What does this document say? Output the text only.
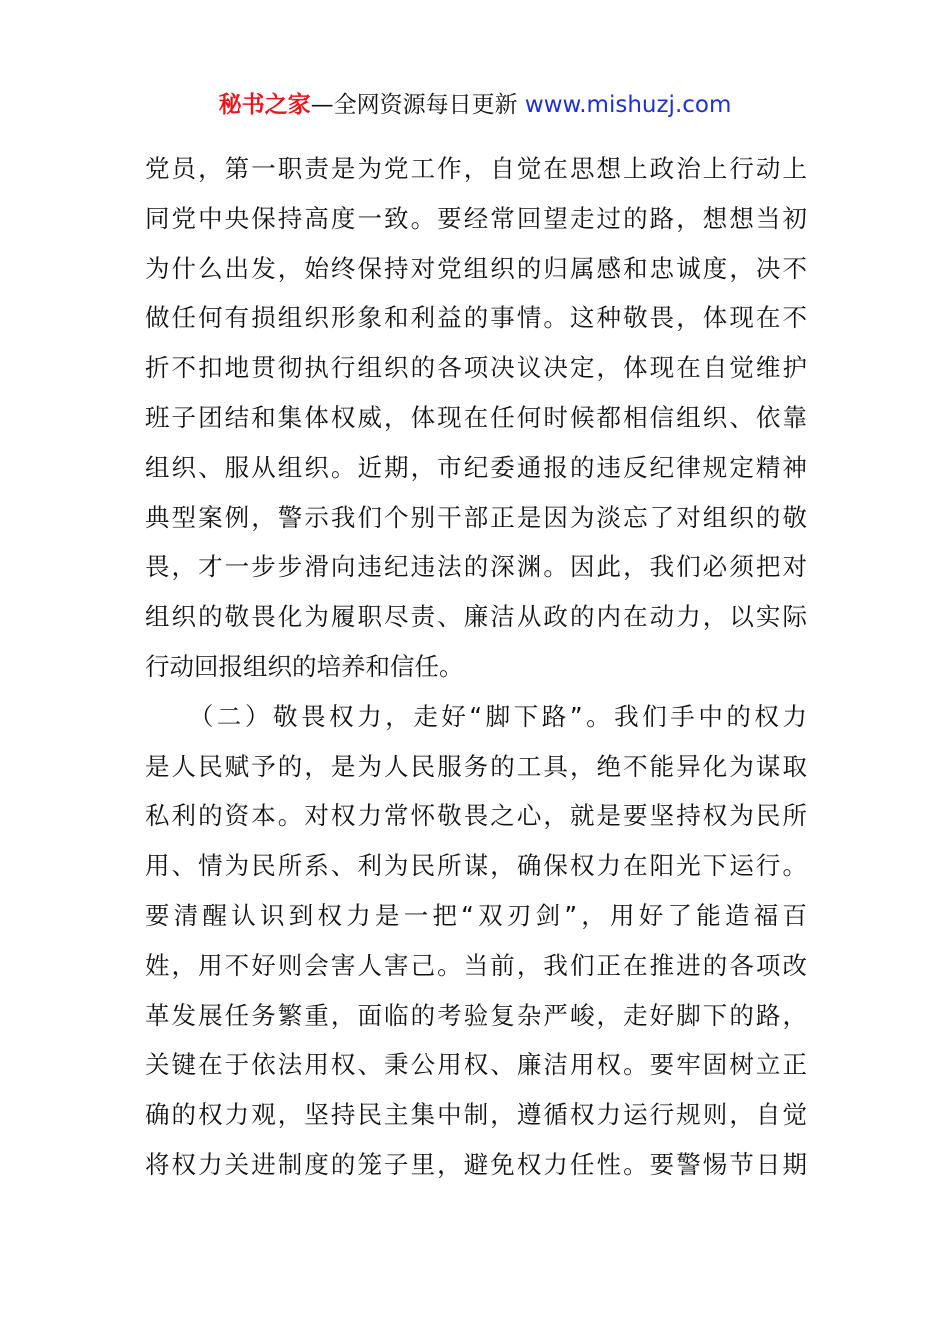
秘书之家—全网资源每日更新 www.mishuzj.com
党员，第一职责是为党工作，自觉在思想上政治上行动上
同党中央保持高度一致。要经常回望走过的路，想想当初
为什么出发，始终保持对党组织的归属感和忠诚度，决不
做任何有损组织形象和利益的事情。这种敬畏，体现在不
折不扣地贯彻执行组织的各项决议决定，体现在自觉维护
班子团结和集体权威，体现在任何时候都相信组织、依靠
组织、服从组织。近期，市纪委通报的违反纪律规定精神
典型案例，警示我们个别干部正是因为淡忘了对组织的敬
畏，才一步步滑向违纪违法的深渊。因此，我们必须把对
组织的敬畏化为履职尽责、廉洁从政的内在动力，以实际
行动回报组织的培养和信任。
　　（二）敬畏权力，走好“脚下路”。我们手中的权力
是人民赋予的，是为人民服务的工具，绝不能异化为谋取
私利的资本。对权力常怀敬畏之心，就是要坚持权为民所
用、情为民所系、利为民所谋，确保权力在阳光下运行。
要清醒认识到权力是一把“双刃剑”，用好了能造福百
姓，用不好则会害人害己。当前，我们正在推进的各项改
革发展任务繁重，面临的考验复杂严峻，走好脚下的路，
关键在于依法用权、秉公用权、廉洁用权。要牢固树立正
确的权力观，坚持民主集中制，遵循权力运行规则，自觉
将权力关进制度的笼子里，避免权力任性。要警惕节日期
